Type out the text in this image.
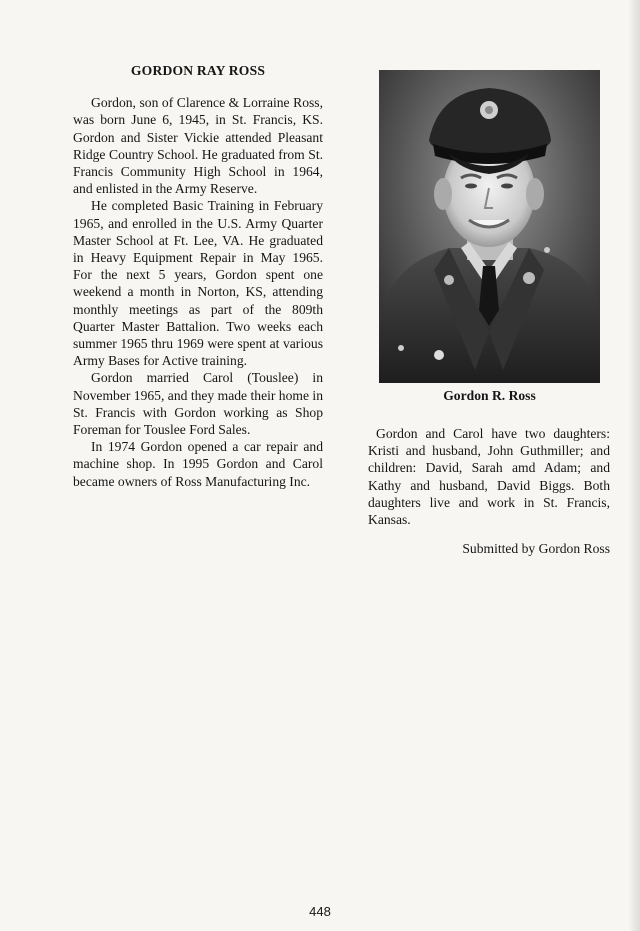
GORDON RAY ROSS

Gordon, son of Clarence & Lorraine Ross, was born June 6, 1945, in St. Francis, KS. Gordon and Sister Vickie attended Pleasant Ridge Country School. He graduated from St. Francis Community High School in 1964, and enlisted in the Army Reserve.

He completed Basic Training in February 1965, and enrolled in the U.S. Army Quarter Master School at Ft. Lee, VA. He graduated in Heavy Equipment Repair in May 1965. For the next 5 years, Gordon spent one weekend a month in Norton, KS, attending monthly meetings as part of the 809th Quarter Master Battalion. Two weeks each summer 1965 thru 1969 were spent at various Army Bases for Active training.

Gordon married Carol (Touslee) in November 1965, and they made their home in St. Francis with Gordon working as Shop Foreman for Touslee Ford Sales.

In 1974 Gordon opened a car repair and machine shop. In 1995 Gordon and Carol became owners of Ross Manufacturing Inc.

Gordon R. Ross

Gordon and Carol have two daughters: Kristi and husband, John Guthmiller; and children: David, Sarah amd Adam; and Kathy and husband, David Biggs. Both daughters live and work in St. Francis, Kansas.

Submitted by Gordon Ross
448
